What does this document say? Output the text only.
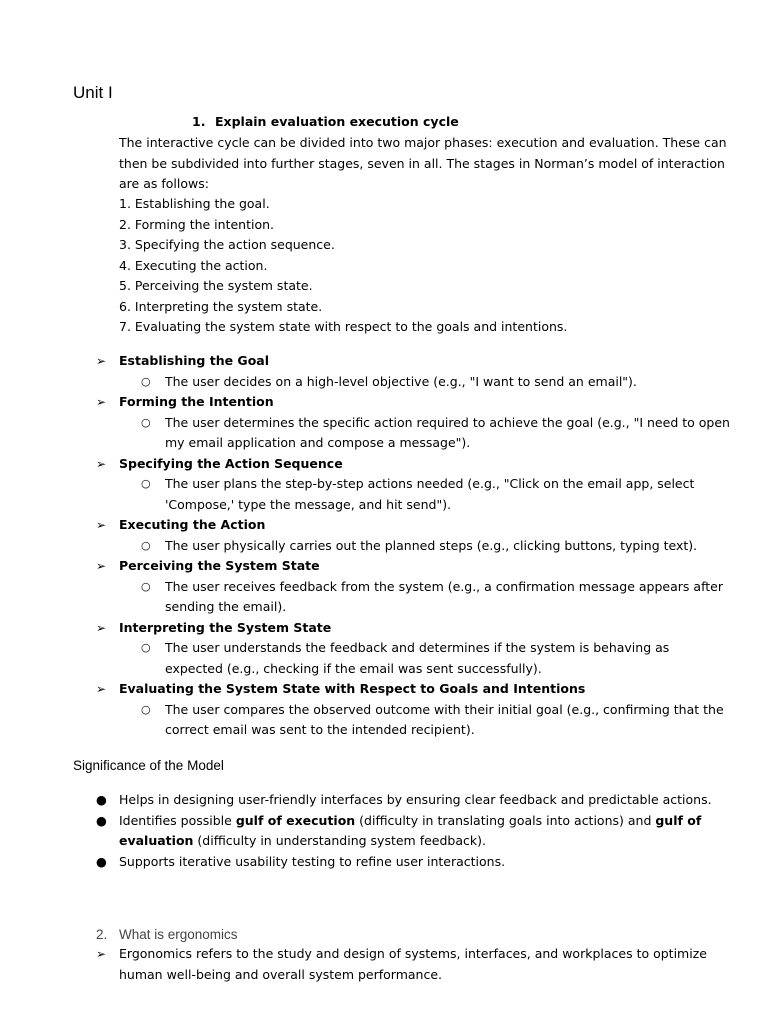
Unit I
1. Explain evaluation execution cycle

The interactive cycle can be divided into two major phases: execution and evaluation. These can then be subdivided into further stages, seven in all. The stages in Norman’s model of interaction are as follows:

1. Establishing the goal.
2. Forming the intention.
3. Specifying the action sequence.
4. Executing the action.
5. Perceiving the system state.
6. Interpreting the system state.
7. Evaluating the system state with respect to the goals and intentions.
➢ Establishing the Goal
○ The user decides on a high-level objective (e.g., "I want to send an email").
➢ Forming the Intention
○ The user determines the specific action required to achieve the goal (e.g., "I need to open my email application and compose a message").
➢ Specifying the Action Sequence
○ The user plans the step-by-step actions needed (e.g., "Click on the email app, select 'Compose,' type the message, and hit send").
➢ Executing the Action
○ The user physically carries out the planned steps (e.g., clicking buttons, typing text).
➢ Perceiving the System State
○ The user receives feedback from the system (e.g., a confirmation message appears after sending the email).
➢ Interpreting the System State
○ The user understands the feedback and determines if the system is behaving as expected (e.g., checking if the email was sent successfully).
➢ Evaluating the System State with Respect to Goals and Intentions
○ The user compares the observed outcome with their initial goal (e.g., confirming that the correct email was sent to the intended recipient).
Significance of the Model
● Helps in designing user-friendly interfaces by ensuring clear feedback and predictable actions.
● Identifies possible gulf of execution (difficulty in translating goals into actions) and gulf of evaluation (difficulty in understanding system feedback).
● Supports iterative usability testing to refine user interactions.
2. What is ergonomics
➢ Ergonomics refers to the study and design of systems, interfaces, and workplaces to optimize human well-being and overall system performance.
